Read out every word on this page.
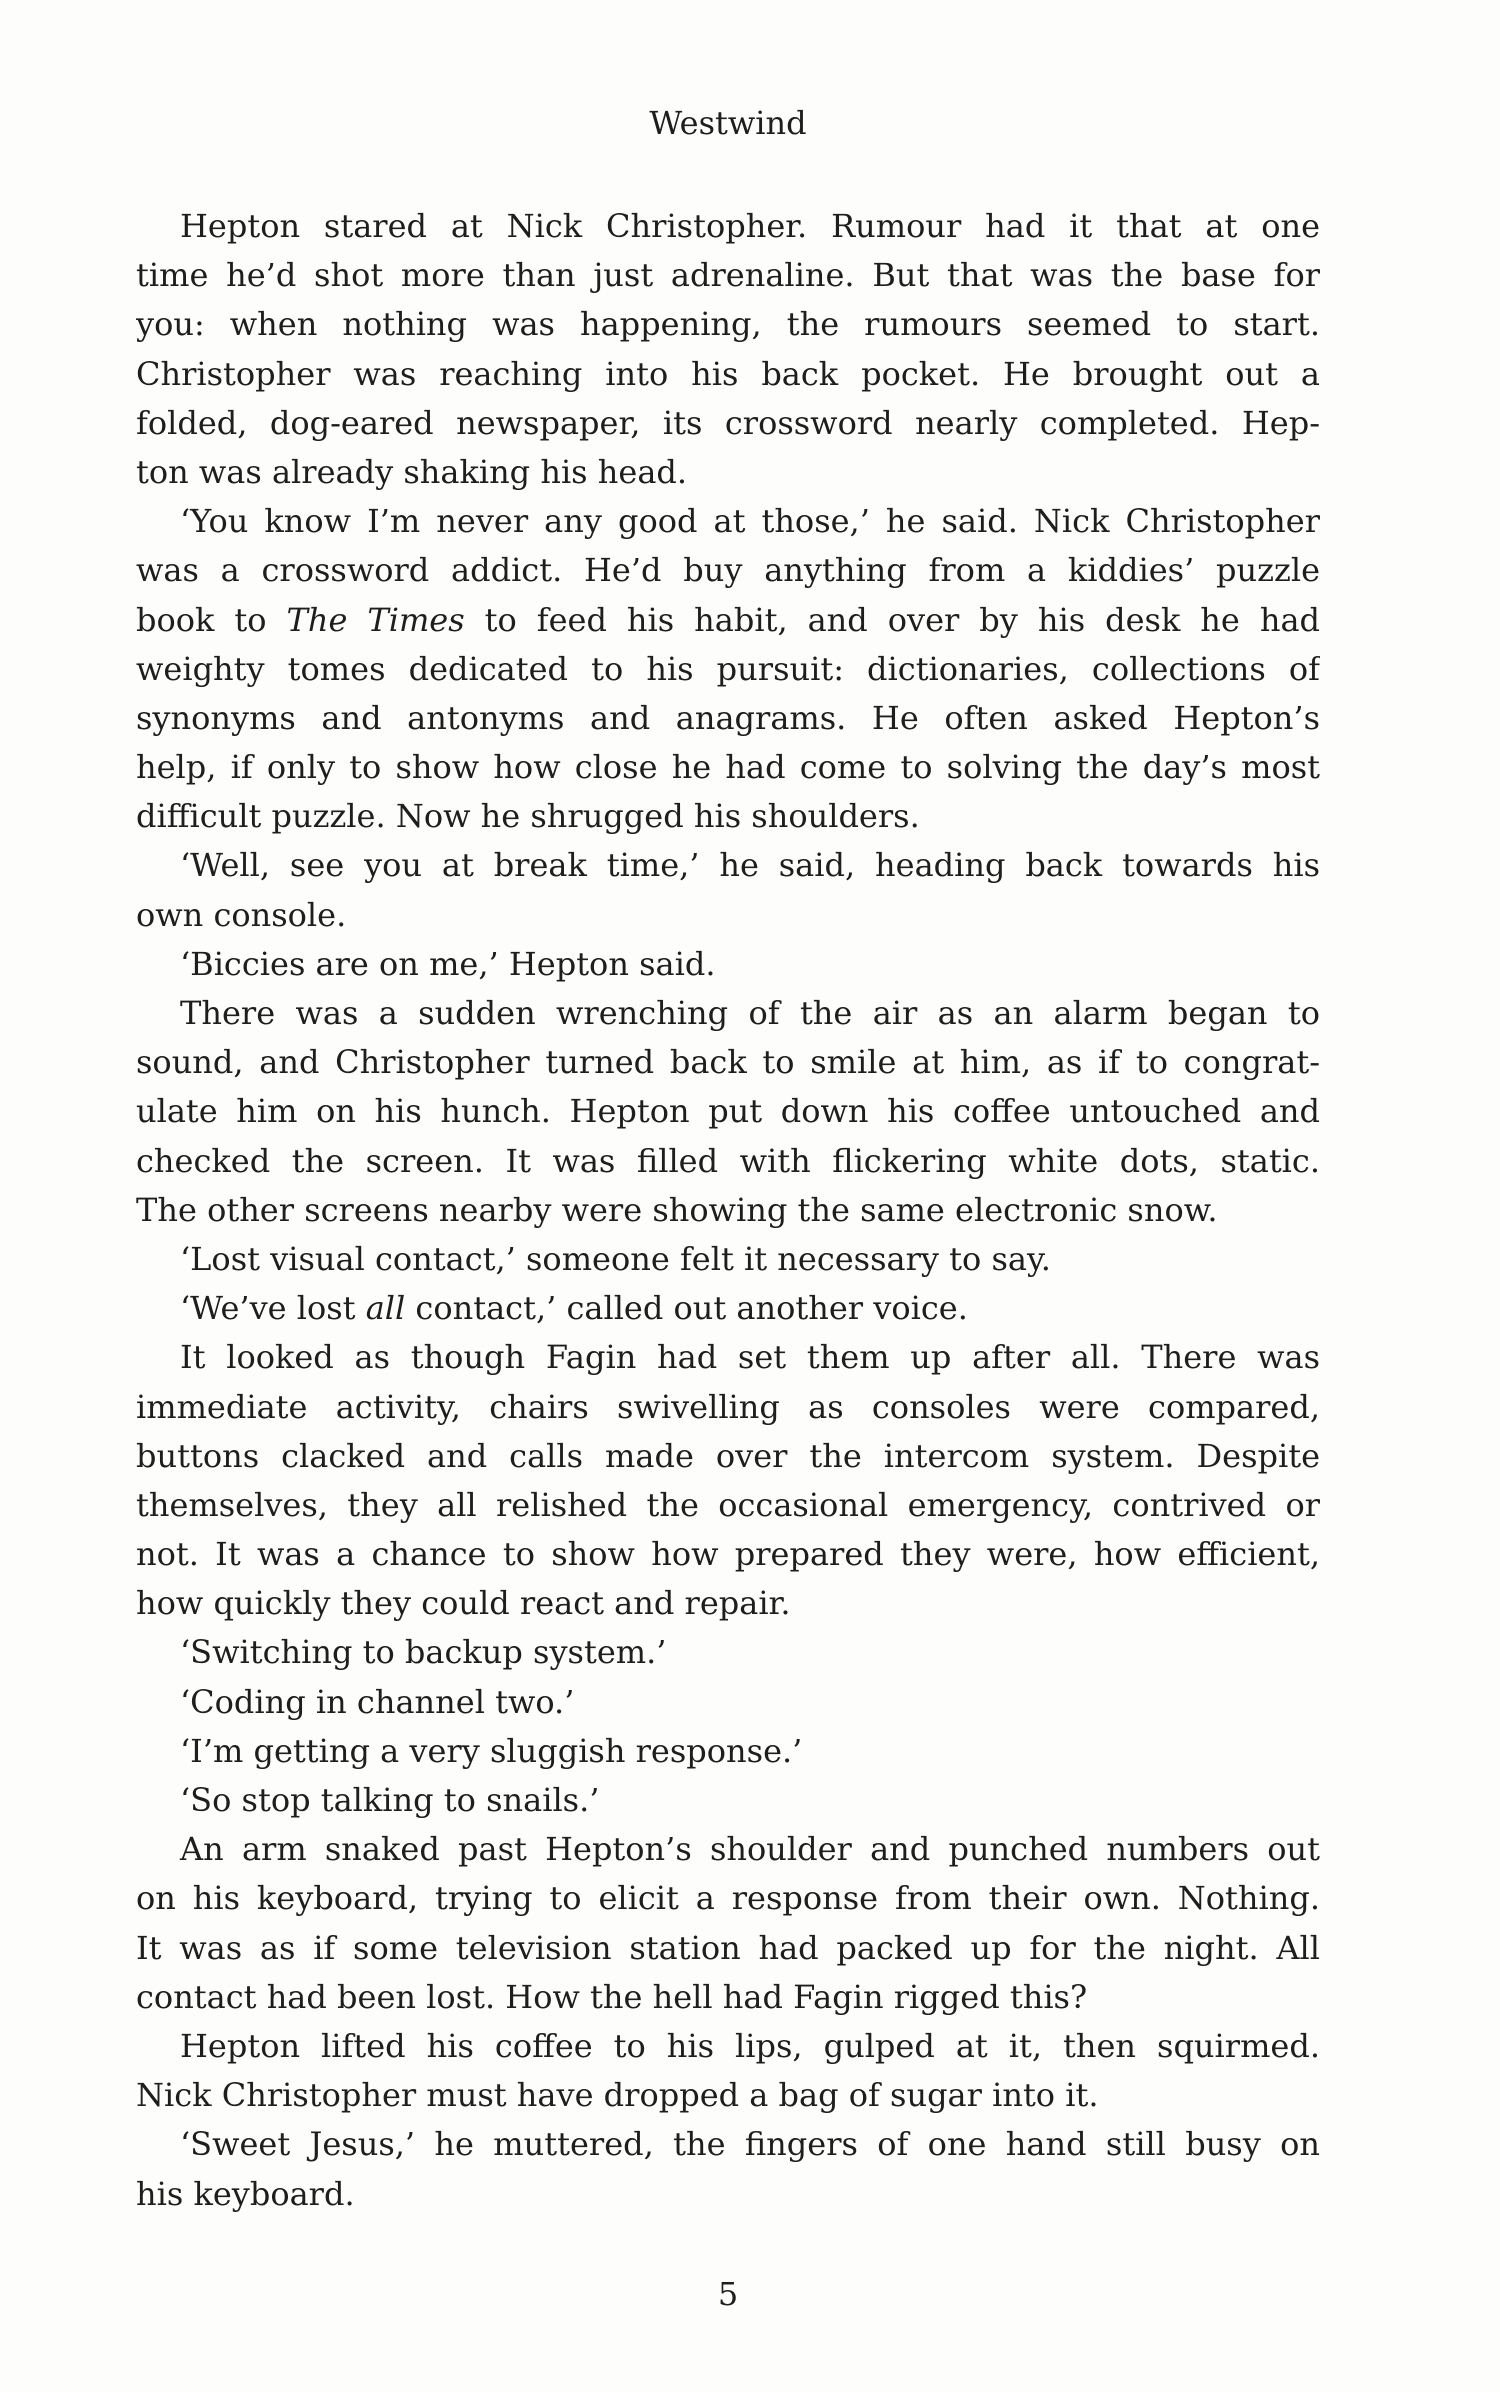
Westwind
Hepton stared at Nick Christopher. Rumour had it that at one
time he’d shot more than just adrenaline. But that was the base for
you: when nothing was happening, the rumours seemed to start.
Christopher was reaching into his back pocket. He brought out a
folded, dog-eared newspaper, its crossword nearly completed. Hep-
ton was already shaking his head.
‘You know I’m never any good at those,’ he said. Nick Christopher
was a crossword addict. He’d buy anything from a kiddies’ puzzle
book to The Times to feed his habit, and over by his desk he had
weighty tomes dedicated to his pursuit: dictionaries, collections of
synonyms and antonyms and anagrams. He often asked Hepton’s
help, if only to show how close he had come to solving the day’s most
difficult puzzle. Now he shrugged his shoulders.
‘Well, see you at break time,’ he said, heading back towards his
own console.
‘Biccies are on me,’ Hepton said.
There was a sudden wrenching of the air as an alarm began to
sound, and Christopher turned back to smile at him, as if to congrat-
ulate him on his hunch. Hepton put down his coffee untouched and
checked the screen. It was filled with flickering white dots, static.
The other screens nearby were showing the same electronic snow.
‘Lost visual contact,’ someone felt it necessary to say.
‘We’ve lost all contact,’ called out another voice.
It looked as though Fagin had set them up after all. There was
immediate activity, chairs swivelling as consoles were compared,
buttons clacked and calls made over the intercom system. Despite
themselves, they all relished the occasional emergency, contrived or
not. It was a chance to show how prepared they were, how efficient,
how quickly they could react and repair.
‘Switching to backup system.’
‘Coding in channel two.’
‘I’m getting a very sluggish response.’
‘So stop talking to snails.’
An arm snaked past Hepton’s shoulder and punched numbers out
on his keyboard, trying to elicit a response from their own. Nothing.
It was as if some television station had packed up for the night. All
contact had been lost. How the hell had Fagin rigged this?
Hepton lifted his coffee to his lips, gulped at it, then squirmed.
Nick Christopher must have dropped a bag of sugar into it.
‘Sweet Jesus,’ he muttered, the fingers of one hand still busy on
his keyboard.
5
